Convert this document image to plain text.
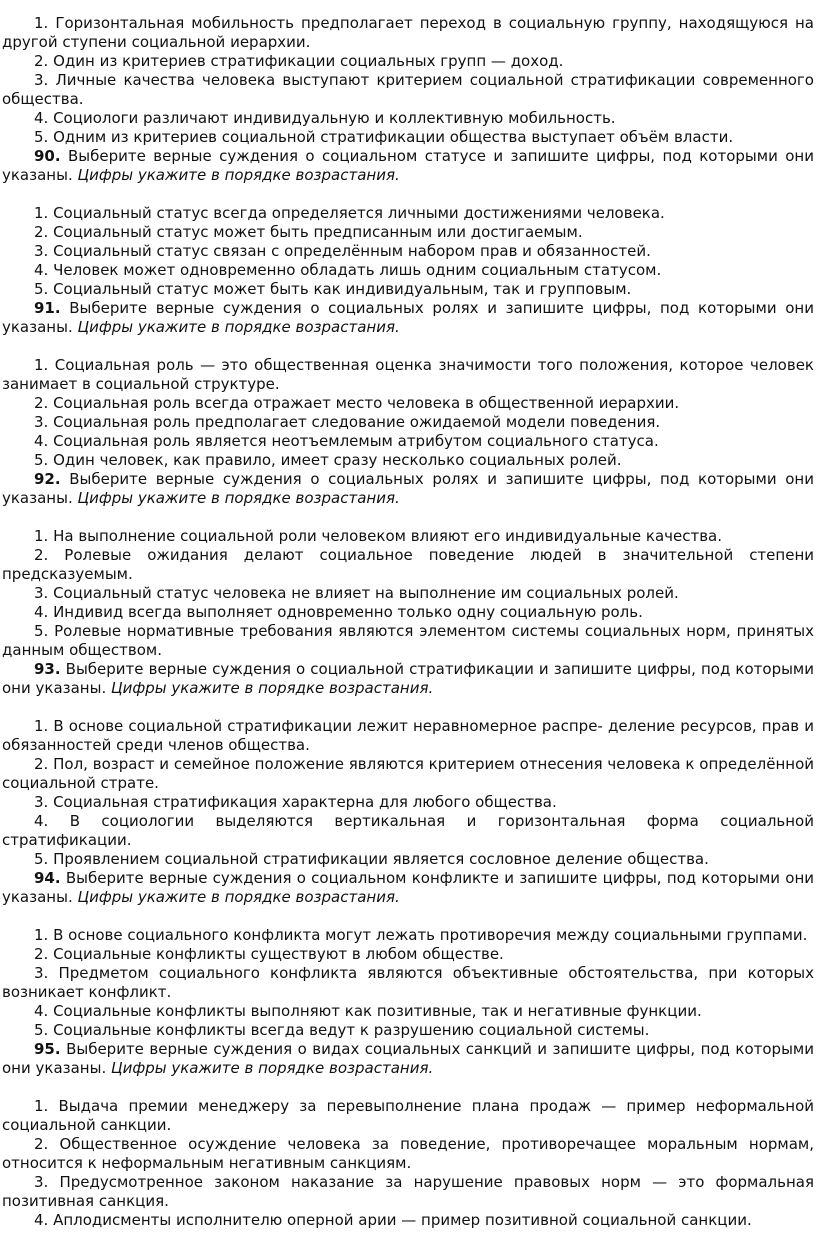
1. Горизонтальная мобильность предполагает переход в социальную группу, находящуюся на другой ступени социальной иерархии.

2. Один из критериев стратификации социальных групп — доход.

3. Личные качества человека выступают критерием социальной стратификации современного общества.

4. Социологи различают индивидуальную и коллективную мобильность.

5. Одним из критериев социальной стратификации общества выступает объём власти.

90. Выберите верные суждения о социальном статусе и запишите цифры, под которыми они указаны. Цифры укажите в порядке возрастания.

1. Социальный статус всегда определяется личными достижениями человека.

2. Социальный статус может быть предписанным или достигаемым.

3. Социальный статус связан с определённым набором прав и обязанностей.

4. Человек может одновременно обладать лишь одним социальным статусом.

5. Социальный статус может быть как индивидуальным, так и групповым.

91. Выберите верные суждения о социальных ролях и запишите цифры, под которыми они указаны. Цифры укажите в порядке возрастания.

1. Социальная роль — это общественная оценка значимости того положения, которое человек занимает в социальной структуре.

2. Социальная роль всегда отражает место человека в общественной иерархии.

3. Социальная роль предполагает следование ожидаемой модели поведения.

4. Социальная роль является неотъемлемым атрибутом социального статуса.

5. Один человек, как правило, имеет сразу несколько социальных ролей.

92. Выберите верные суждения о социальных ролях и запишите цифры, под которыми они указаны. Цифры укажите в порядке возрастания.

1. На выполнение социальной роли человеком влияют его индивидуальные качества.

2. Ролевые ожидания делают социальное поведение людей в значительной степени предсказуемым.

3. Социальный статус человека не влияет на выполнение им социальных ролей.

4. Индивид всегда выполняет одновременно только одну социальную роль.

5. Ролевые нормативные требования являются элементом системы социальных норм, принятых данным обществом.

93. Выберите верные суждения о социальной стратификации и запишите цифры, под которыми они указаны. Цифры укажите в порядке возрастания.

1. В основе социальной стратификации лежит неравномерное распре- деление ресурсов, прав и обязанностей среди членов общества.

2. Пол, возраст и семейное положение являются критерием отнесения человека к определённой социальной страте.

3. Социальная стратификация характерна для любого общества.

4. В социологии выделяются вертикальная и горизонтальная форма социальной стратификации.

5. Проявлением социальной стратификации является сословное деление общества.

94. Выберите верные суждения о социальном конфликте и запишите цифры, под которыми они указаны. Цифры укажите в порядке возрастания.

1. В основе социального конфликта могут лежать противоречия между социальными группами.

2. Социальные конфликты существуют в любом обществе.

3. Предметом социального конфликта являются объективные обстоятельства, при которых возникает конфликт.

4. Социальные конфликты выполняют как позитивные, так и негативные функции.

5. Социальные конфликты всегда ведут к разрушению социальной системы.

95. Выберите верные суждения о видах социальных санкций и запишите цифры, под которыми они указаны. Цифры укажите в порядке возрастания.

1. Выдача премии менеджеру за перевыполнение плана продаж — пример неформальной социальной санкции.

2. Общественное осуждение человека за поведение, противоречащее моральным нормам, относится к неформальным негативным санкциям.

3. Предусмотренное законом наказание за нарушение правовых норм — это формальная позитивная санкция.

4. Аплодисменты исполнителю оперной арии — пример позитивной социальной санкции.
